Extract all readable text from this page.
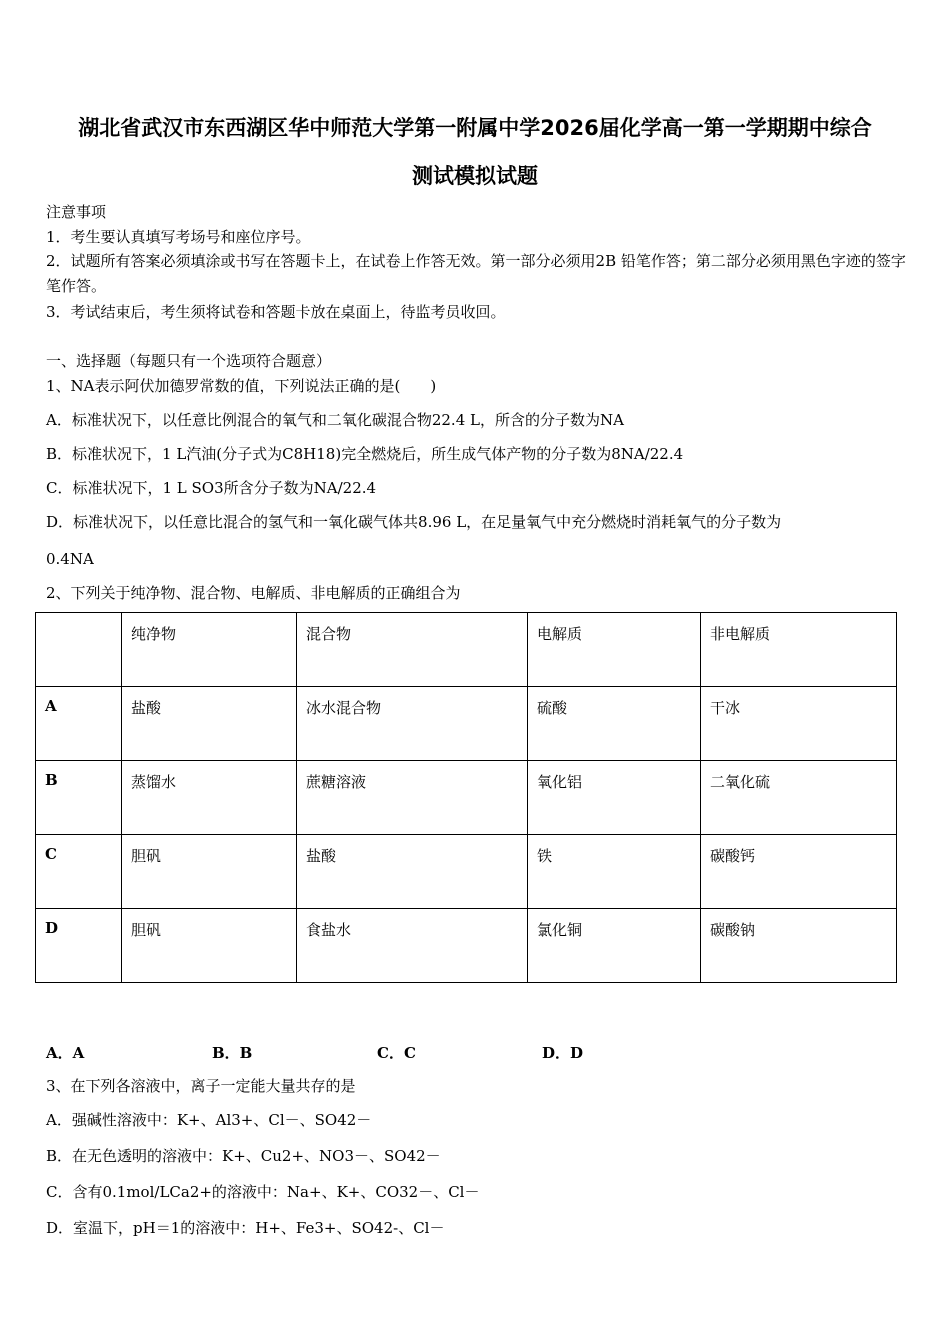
湖北省武汉市东西湖区华中师范大学第一附属中学2026届化学高一第一学期期中综合
测试模拟试题
注意事项
1．考生要认真填写考场号和座位序号。
2．试题所有答案必须填涂或书写在答题卡上，在试卷上作答无效。第一部分必须用2B 铅笔作答；第二部分必须用黑色字迹的签字笔作答。
3．考试结束后，考生须将试卷和答题卡放在桌面上，待监考员收回。
一、选择题（每题只有一个选项符合题意）
1、NA表示阿伏加德罗常数的值，下列说法正确的是(　　)
A．标准状况下，以任意比例混合的氧气和二氧化碳混合物22.4 L，所含的分子数为NA
B．标准状况下，1 L汽油(分子式为C8H18)完全燃烧后，所生成气体产物的分子数为8NA/22.4
C．标准状况下，1 L SO3所含分子数为NA/22.4
D．标准状况下，以任意比混合的氢气和一氧化碳气体共8.96 L，在足量氧气中充分燃烧时消耗氧气的分子数为
0.4NA
2、下列关于纯净物、混合物、电解质、非电解质的正确组合为
	纯净物	混合物	电解质	非电解质
A	盐酸	冰水混合物	硫酸	干冰
B	蒸馏水	蔗糖溶液	氧化铝	二氧化硫
C	胆矾	盐酸	铁	碳酸钙
D	胆矾	食盐水	氯化铜	碳酸钠
A．A	B．B	C．C	D．D
3、在下列各溶液中，离子一定能大量共存的是
A．强碱性溶液中：K+、Al3+、Cl－、SO42－
B．在无色透明的溶液中：K+、Cu2+、NO3－、SO42－
C．含有0.1mol/LCa2+的溶液中：Na+、K+、CO32－、Cl－
D．室温下，pH＝1的溶液中：H+、Fe3+、SO42-、Cl－
